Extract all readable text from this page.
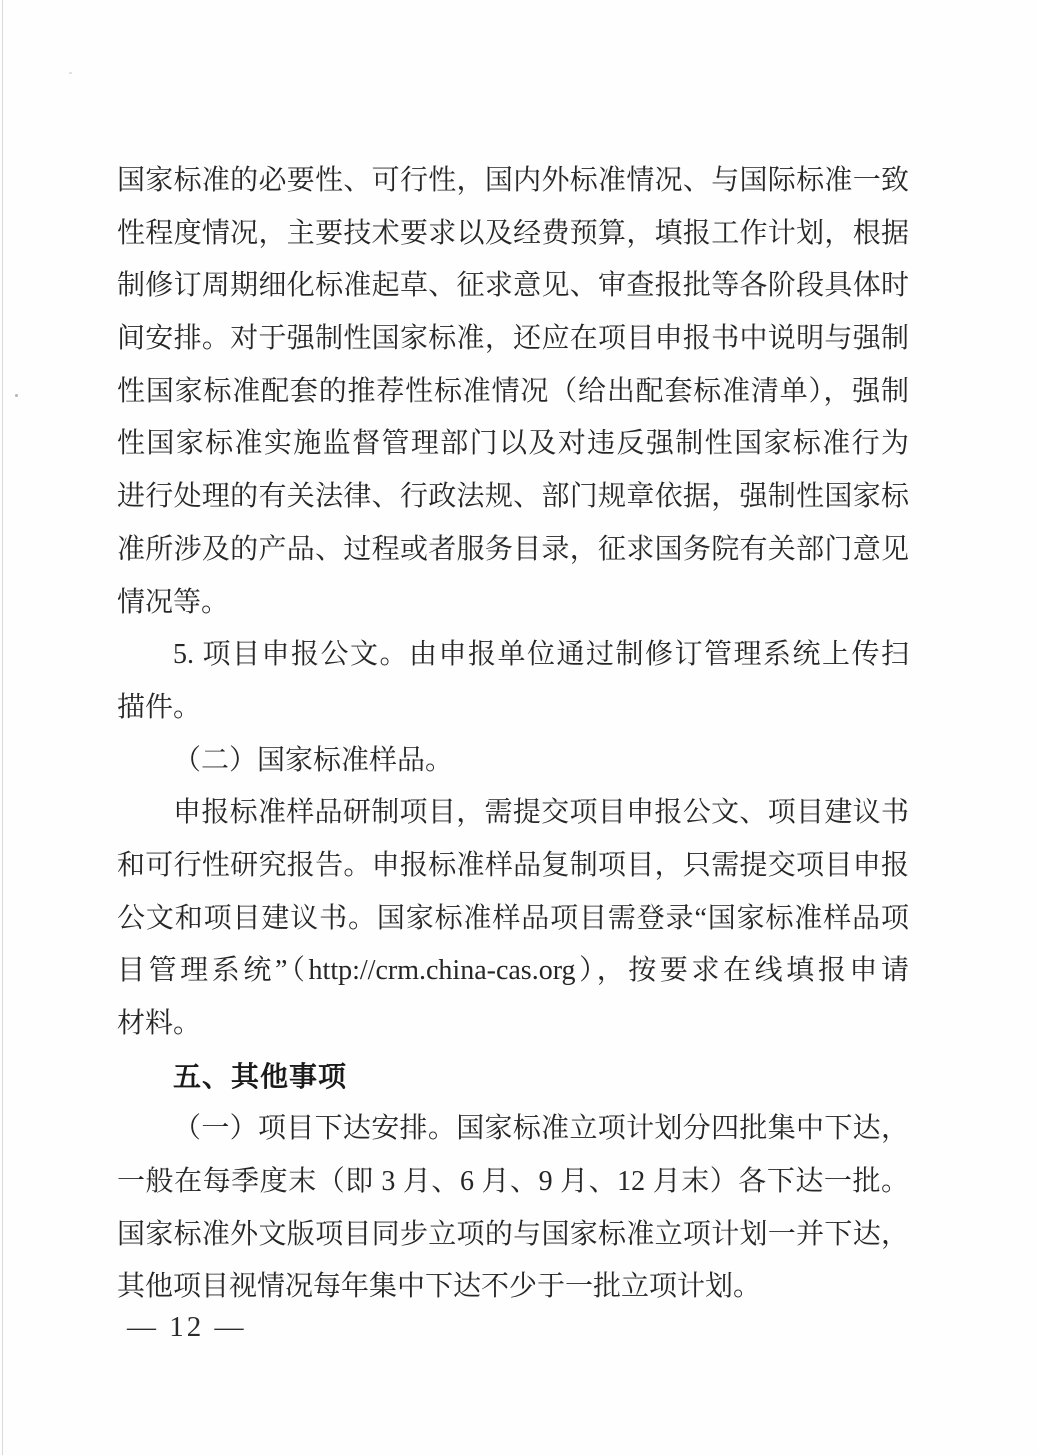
国家标准的必要性、可行性，国内外标准情况、与国际标准一致
性程度情况，主要技术要求以及经费预算，填报工作计划，根据
制修订周期细化标准起草、征求意见、审查报批等各阶段具体时
间安排。对于强制性国家标准，还应在项目申报书中说明与强制
性国家标准配套的推荐性标准情况（给出配套标准清单），强制
性国家标准实施监督管理部门以及对违反强制性国家标准行为
进行处理的有关法律、行政法规、部门规章依据，强制性国家标
准所涉及的产品、过程或者服务目录，征求国务院有关部门意见
情况等。
5. 项目申报公文。由申报单位通过制修订管理系统上传扫
描件。
（二）国家标准样品。
申报标准样品研制项目，需提交项目申报公文、项目建议书
和可行性研究报告。申报标准样品复制项目，只需提交项目申报
公文和项目建议书。国家标准样品项目需登录“国家标准样品项
目管理系统”（http://crm.china-cas.org），按要求在线填报申请
材料。
五、其他事项
（一）项目下达安排。国家标准立项计划分四批集中下达，
一般在每季度末（即 3 月、6 月、9 月、12 月末）各下达一批。
国家标准外文版项目同步立项的与国家标准立项计划一并下达，
其他项目视情况每年集中下达不少于一批立项计划。
— 12 —
